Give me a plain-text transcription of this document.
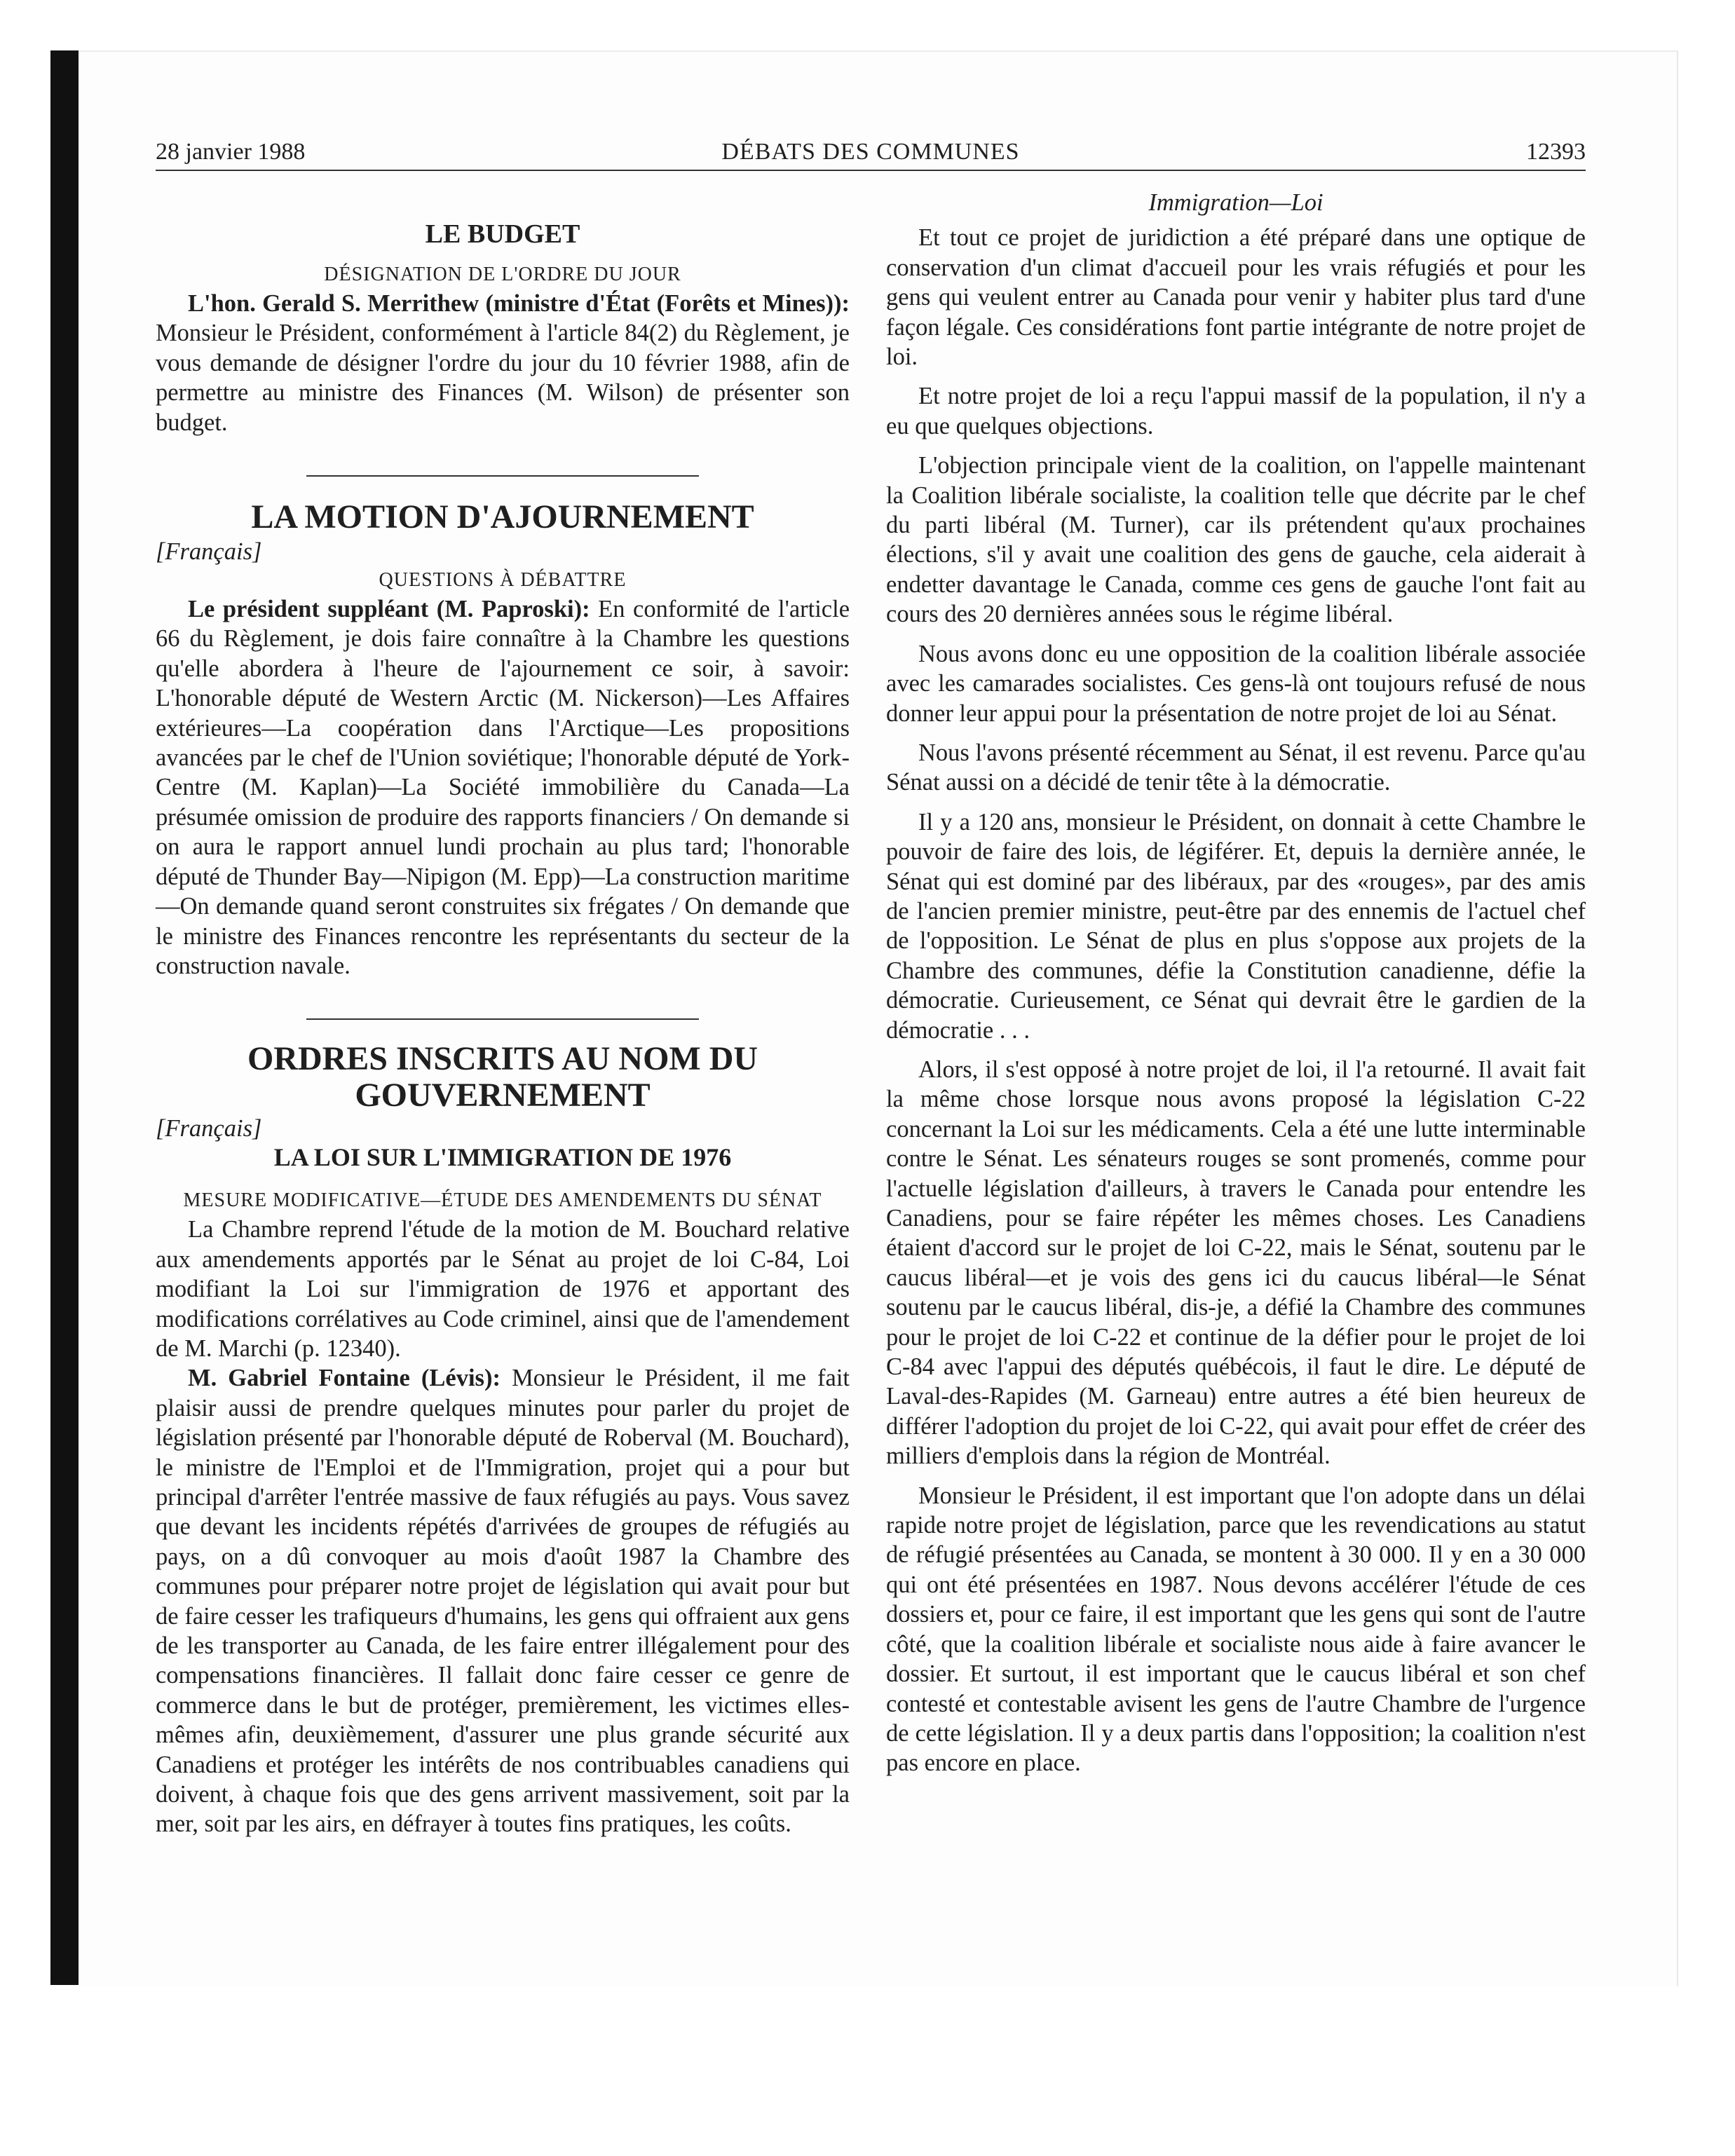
28 janvier 1988	DÉBATS DES COMMUNES	12393
LE BUDGET
DÉSIGNATION DE L'ORDRE DU JOUR

L'hon. Gerald S. Merrithew (ministre d'État (Forêts et Mines)): Monsieur le Président, conformément à l'article 84(2) du Règlement, je vous demande de désigner l'ordre du jour du 10 février 1988, afin de permettre au ministre des Finances (M. Wilson) de présenter son budget.

LA MOTION D'AJOURNEMENT
[Français]
QUESTIONS À DÉBATTRE

Le président suppléant (M. Paproski): En conformité de l'article 66 du Règlement, je dois faire connaître à la Chambre les questions qu'elle abordera à l'heure de l'ajournement ce soir, à savoir: L'honorable député de Western Arctic (M. Nickerson)—Les Affaires extérieures—La coopération dans l'Arctique—Les propositions avancées par le chef de l'Union soviétique; l'honorable député de York-Centre (M. Kaplan)—La Société immobilière du Canada—La présumée omission de produire des rapports financiers / On demande si on aura le rapport annuel lundi prochain au plus tard; l'honorable député de Thunder Bay—Nipigon (M. Epp)—La construction maritime—On demande quand seront construites six frégates / On demande que le ministre des Finances rencontre les représentants du secteur de la construction navale.

ORDRES INSCRITS AU NOM DU GOUVERNEMENT
[Français]
LA LOI SUR L'IMMIGRATION DE 1976
MESURE MODIFICATIVE—ÉTUDE DES AMENDEMENTS DU SÉNAT

La Chambre reprend l'étude de la motion de M. Bouchard relative aux amendements apportés par le Sénat au projet de loi C-84, Loi modifiant la Loi sur l'immigration de 1976 et apportant des modifications corrélatives au Code criminel, ainsi que de l'amendement de M. Marchi (p. 12340).

M. Gabriel Fontaine (Lévis): Monsieur le Président, il me fait plaisir aussi de prendre quelques minutes pour parler du projet de législation présenté par l'honorable député de Roberval (M. Bouchard), le ministre de l'Emploi et de l'Immigration, projet qui a pour but principal d'arrêter l'entrée massive de faux réfugiés au pays. Vous savez que devant les incidents répétés d'arrivées de groupes de réfugiés au pays, on a dû convoquer au mois d'août 1987 la Chambre des communes pour préparer notre projet de législation qui avait pour but de faire cesser les trafiqueurs d'humains, les gens qui offraient aux gens de les transporter au Canada, de les faire entrer illégalement pour des compensations financières. Il fallait donc faire cesser ce genre de commerce dans le but de protéger, premièrement, les victimes elles-mêmes afin, deuxièmement, d'assurer une plus grande sécurité aux Canadiens et protéger les intérêts de nos contribuables canadiens qui doivent, à chaque fois que des gens arrivent massivement, soit par la mer, soit par les airs, en défrayer à toutes fins pratiques, les coûts.

Immigration—Loi

Et tout ce projet de juridiction a été préparé dans une optique de conservation d'un climat d'accueil pour les vrais réfugiés et pour les gens qui veulent entrer au Canada pour venir y habiter plus tard d'une façon légale. Ces considérations font partie intégrante de notre projet de loi.

Et notre projet de loi a reçu l'appui massif de la population, il n'y a eu que quelques objections.

L'objection principale vient de la coalition, on l'appelle maintenant la Coalition libérale socialiste, la coalition telle que décrite par le chef du parti libéral (M. Turner), car ils prétendent qu'aux prochaines élections, s'il y avait une coalition des gens de gauche, cela aiderait à endetter davantage le Canada, comme ces gens de gauche l'ont fait au cours des 20 dernières années sous le régime libéral.

Nous avons donc eu une opposition de la coalition libérale associée avec les camarades socialistes. Ces gens-là ont toujours refusé de nous donner leur appui pour la présentation de notre projet de loi au Sénat.

Nous l'avons présenté récemment au Sénat, il est revenu. Parce qu'au Sénat aussi on a décidé de tenir tête à la démocratie.

Il y a 120 ans, monsieur le Président, on donnait à cette Chambre le pouvoir de faire des lois, de légiférer. Et, depuis la dernière année, le Sénat qui est dominé par des libéraux, par des «rouges», par des amis de l'ancien premier ministre, peut-être par des ennemis de l'actuel chef de l'opposition. Le Sénat de plus en plus s'oppose aux projets de la Chambre des communes, défie la Constitution canadienne, défie la démocratie. Curieusement, ce Sénat qui devrait être le gardien de la démocratie . . .

Alors, il s'est opposé à notre projet de loi, il l'a retourné. Il avait fait la même chose lorsque nous avons proposé la législation C-22 concernant la Loi sur les médicaments. Cela a été une lutte interminable contre le Sénat. Les sénateurs rouges se sont promenés, comme pour l'actuelle législation d'ailleurs, à travers le Canada pour entendre les Canadiens, pour se faire répéter les mêmes choses. Les Canadiens étaient d'accord sur le projet de loi C-22, mais le Sénat, soutenu par le caucus libéral—et je vois des gens ici du caucus libéral—le Sénat soutenu par le caucus libéral, dis-je, a défié la Chambre des communes pour le projet de loi C-22 et continue de la défier pour le projet de loi C-84 avec l'appui des députés québécois, il faut le dire. Le député de Laval-des-Rapides (M. Garneau) entre autres a été bien heureux de différer l'adoption du projet de loi C-22, qui avait pour effet de créer des milliers d'emplois dans la région de Montréal.

Monsieur le Président, il est important que l'on adopte dans un délai rapide notre projet de législation, parce que les revendications au statut de réfugié présentées au Canada, se montent à 30 000. Il y en a 30 000 qui ont été présentées en 1987. Nous devons accélérer l'étude de ces dossiers et, pour ce faire, il est important que les gens qui sont de l'autre côté, que la coalition libérale et socialiste nous aide à faire avancer le dossier. Et surtout, il est important que le caucus libéral et son chef contesté et contestable avisent les gens de l'autre Chambre de l'urgence de cette législation. Il y a deux partis dans l'opposition; la coalition n'est pas encore en place.
